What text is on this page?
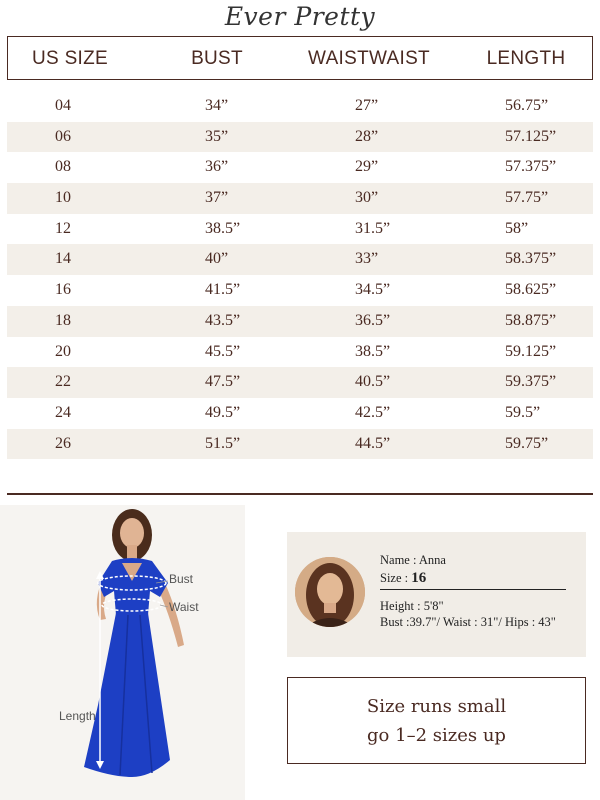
Ever Pretty
US SIZE	BUST	WAISTWAIST	LENGTH
04	34”	27”	56.75”
06	35”	28”	57.125”
08	36”	29”	57.375”
10	37”	30”	57.75”
12	38.5”	31.5”	58”
14	40”	33”	58.375”
16	41.5”	34.5”	58.625”
18	43.5”	36.5”	58.875”
20	45.5”	38.5”	59.125”
22	47.5”	40.5”	59.375”
24	49.5”	42.5”	59.5”
26	51.5”	44.5”	59.75”
Bust
Waist
Length
Name : Anna
Size : 16
Height : 5'8"
Bust :39.7"/ Waist : 31"/ Hips : 43"
Size runs small
go 1–2 sizes up
